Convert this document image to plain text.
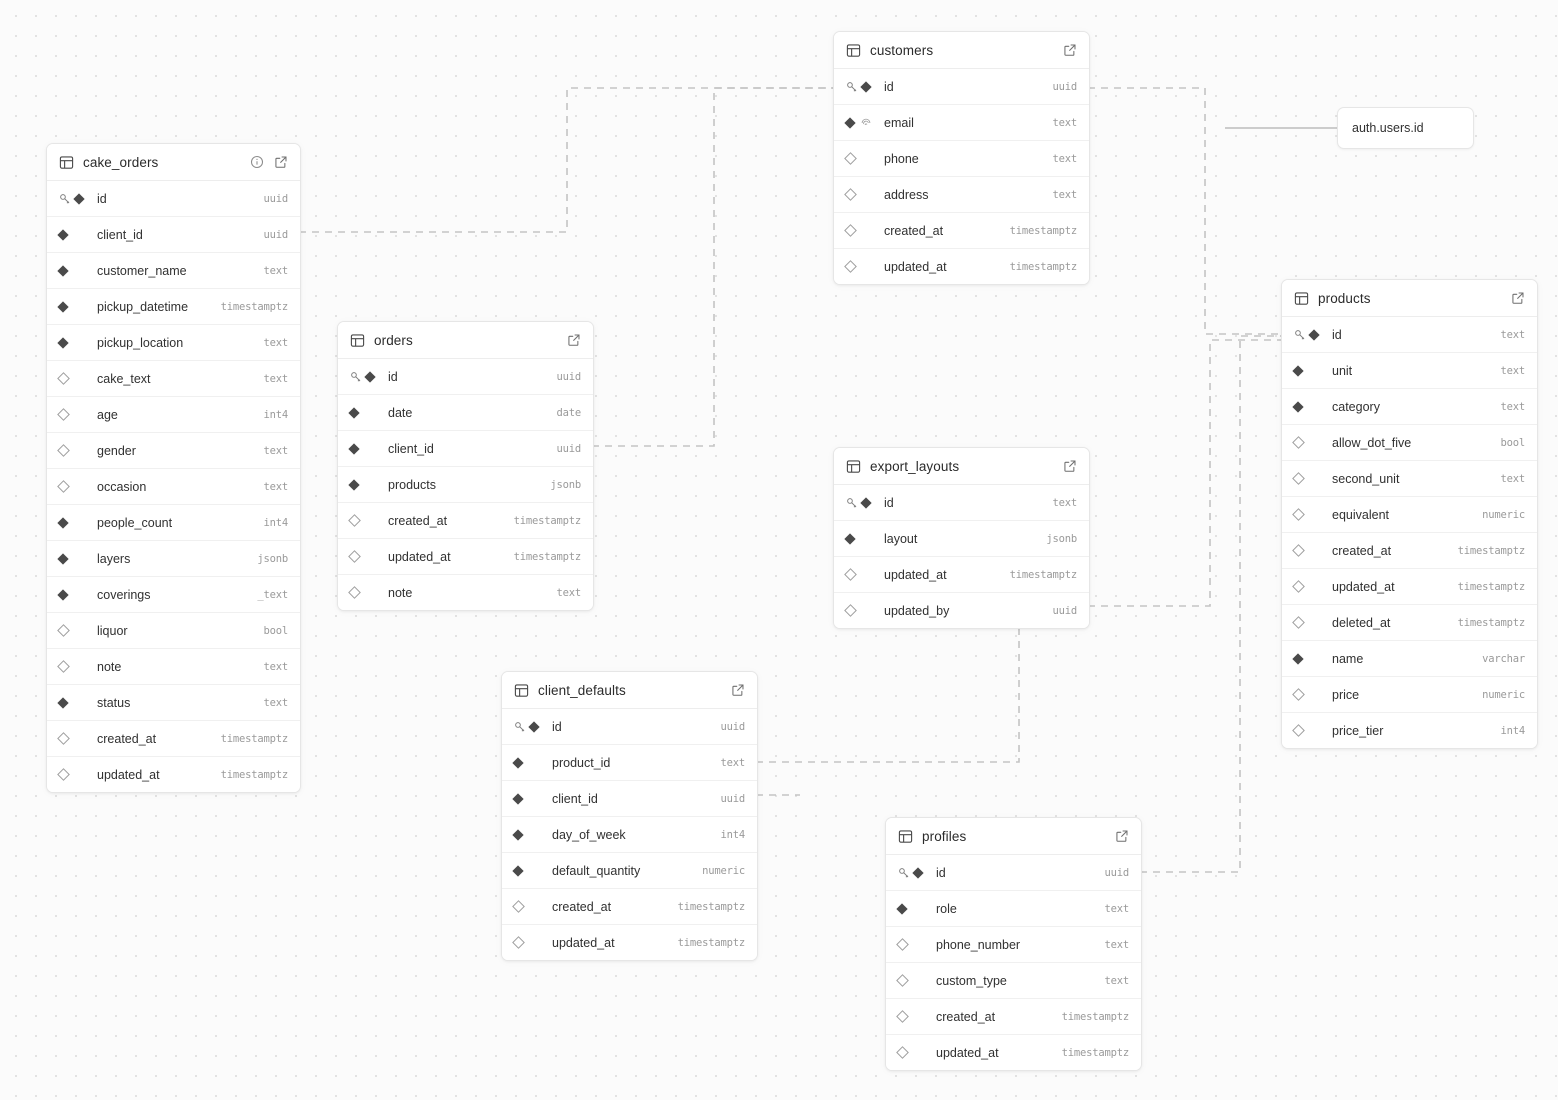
cake_orders
id	uuid
client_id	uuid
customer_name	text
pickup_datetime	timestamptz
pickup_location	text
cake_text	text
age	int4
gender	text
occasion	text
people_count	int4
layers	jsonb
coverings	_text
liquor	bool
note	text
status	text
created_at	timestamptz
updated_at	timestamptz
customers
id	uuid
email	text
phone	text
address	text
created_at	timestamptz
updated_at	timestamptz
orders
id	uuid
date	date
client_id	uuid
products	jsonb
created_at	timestamptz
updated_at	timestamptz
note	text
export_layouts
id	text
layout	jsonb
updated_at	timestamptz
updated_by	uuid
products
id	text
unit	text
category	text
allow_dot_five	bool
second_unit	text
equivalent	numeric
created_at	timestamptz
updated_at	timestamptz
deleted_at	timestamptz
name	varchar
price	numeric
price_tier	int4
client_defaults
id	uuid
product_id	text
client_id	uuid
day_of_week	int4
default_quantity	numeric
created_at	timestamptz
updated_at	timestamptz
profiles
id	uuid
role	text
phone_number	text
custom_type	text
created_at	timestamptz
updated_at	timestamptz
auth.users.id
